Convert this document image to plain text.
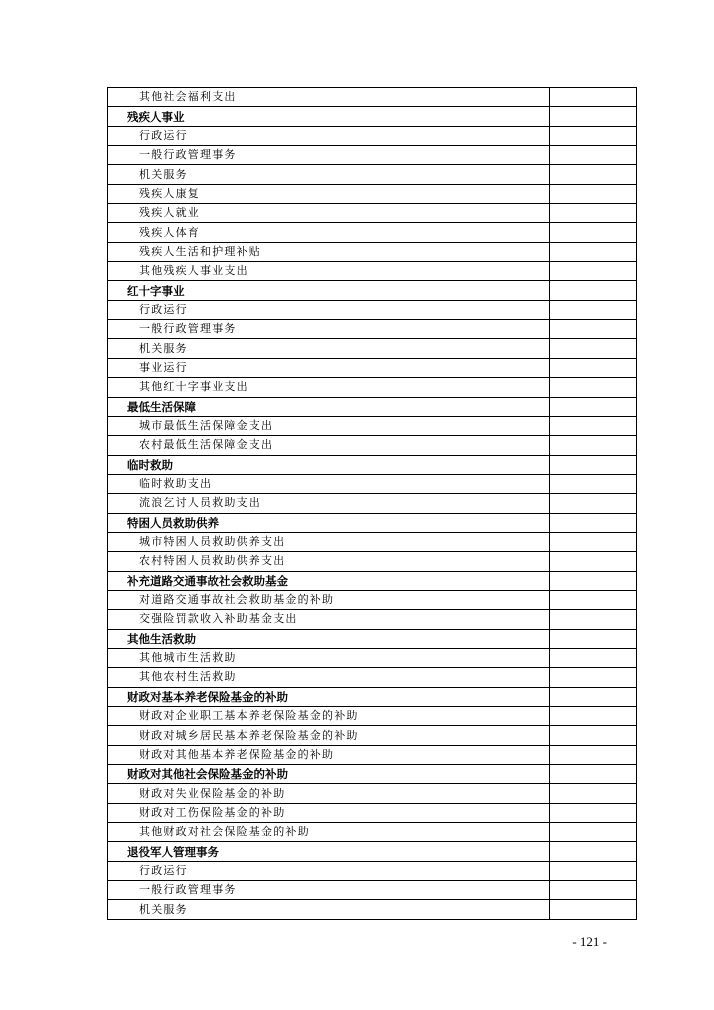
其他社会福利支出	
残疾人事业	
行政运行	
一般行政管理事务	
机关服务	
残疾人康复	
残疾人就业	
残疾人体育	
残疾人生活和护理补贴	
其他残疾人事业支出	
红十字事业	
行政运行	
一般行政管理事务	
机关服务	
事业运行	
其他红十字事业支出	
最低生活保障	
城市最低生活保障金支出	
农村最低生活保障金支出	
临时救助	
临时救助支出	
流浪乞讨人员救助支出	
特困人员救助供养	
城市特困人员救助供养支出	
农村特困人员救助供养支出	
补充道路交通事故社会救助基金	
对道路交通事故社会救助基金的补助	
交强险罚款收入补助基金支出	
其他生活救助	
其他城市生活救助	
其他农村生活救助	
财政对基本养老保险基金的补助	
财政对企业职工基本养老保险基金的补助	
财政对城乡居民基本养老保险基金的补助	
财政对其他基本养老保险基金的补助	
财政对其他社会保险基金的补助	
财政对失业保险基金的补助	
财政对工伤保险基金的补助	
其他财政对社会保险基金的补助	
退役军人管理事务	
行政运行	
一般行政管理事务	
机关服务	
- 121 -
